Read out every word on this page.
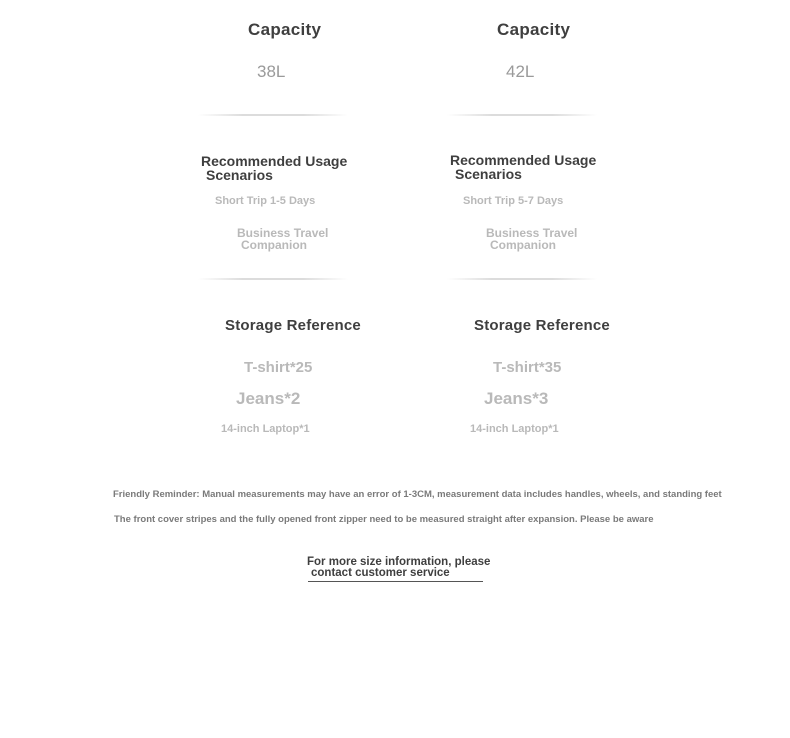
Capacity
38L
Recommended Usage
Scenarios
Short Trip 1-5 Days
Business Travel
Companion
Storage Reference
T-shirt*25
Jeans*2
14-inch Laptop*1
Capacity
42L
Recommended Usage
Scenarios
Short Trip 5-7 Days
Business Travel
Companion
Storage Reference
T-shirt*35
Jeans*3
14-inch Laptop*1
Friendly Reminder: Manual measurements may have an error of 1-3CM, measurement data includes handles, wheels, and standing feet
The front cover stripes and the fully opened front zipper need to be measured straight after expansion. Please be aware
For more size information, please
contact customer service
